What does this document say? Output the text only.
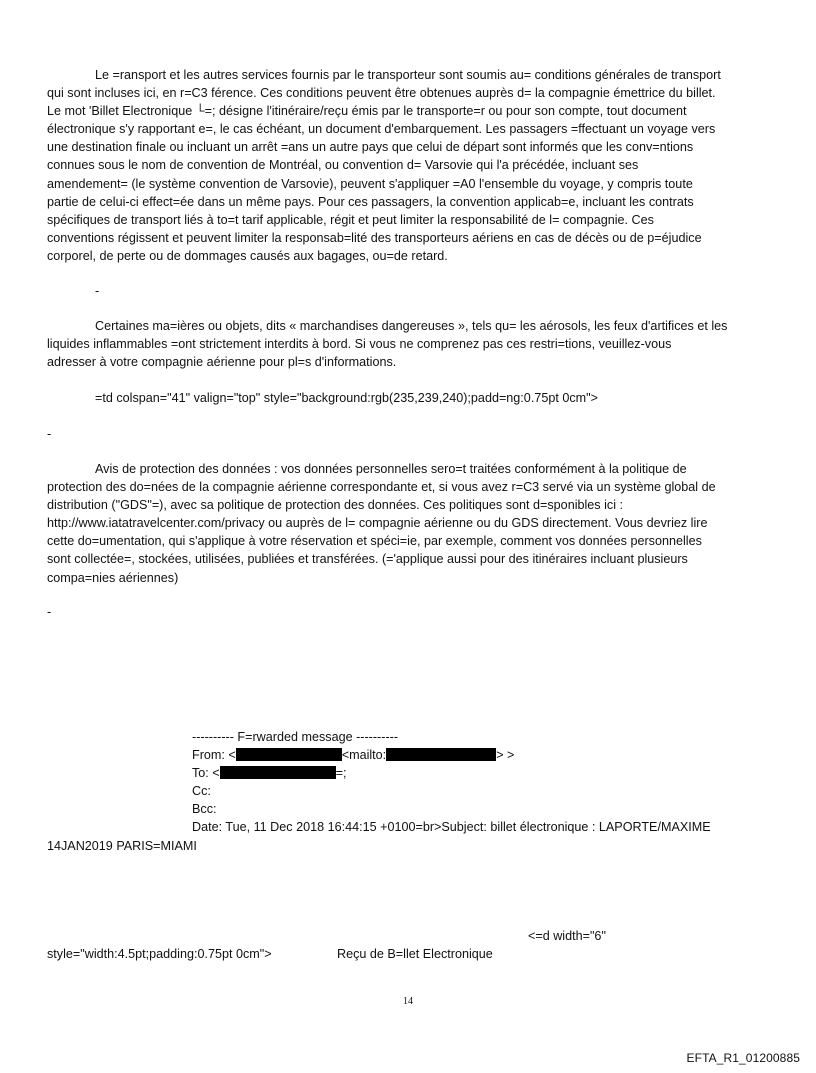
Le =ransport et les autres services fournis par le transporteur sont soumis au= conditions générales de transport
qui sont incluses ici, en r=C3 férence. Ces conditions peuvent être obtenues auprès d= la compagnie émettrice du billet.
Le mot 'Billet Electronique └=; désigne l'itinéraire/reçu émis par le transporte=r ou pour son compte, tout document
électronique s'y rapportant e=, le cas échéant, un document d'embarquement. Les passagers =ffectuant un voyage vers
une destination finale ou incluant un arrêt =ans un autre pays que celui de départ sont informés que les conv=ntions
connues sous le nom de convention de Montréal, ou convention d= Varsovie qui l'a précédée, incluant ses
amendement= (le système convention de Varsovie), peuvent s'appliquer =A0 l'ensemble du voyage, y compris toute
partie de celui-ci effect=ée dans un même pays. Pour ces passagers, la convention applicab=e, incluant les contrats
spécifiques de transport liés à to=t tarif applicable, régit et peut limiter la responsabilité de l= compagnie. Ces
conventions régissent et peuvent limiter la responsab=lité des transporteurs aériens en cas de décès ou de p=éjudice
corporel, de perte ou de dommages causés aux bagages, ou=de retard.
-
Certaines ma=ières ou objets, dits « marchandises dangereuses », tels qu= les aérosols, les feux d'artifices et les
liquides inflammables =ont strictement interdits à bord. Si vous ne comprenez pas ces restri=tions, veuillez-vous
adresser à votre compagnie aérienne pour pl=s d'informations.
=td colspan="41" valign="top" style="background:rgb(235,239,240);padd=ng:0.75pt 0cm">
-
Avis de protection des données : vos données personnelles sero=t traitées conformément à la politique de
protection des do=nées de la compagnie aérienne correspondante et, si vous avez r=C3 servé via un système global de
distribution ("GDS"=), avec sa politique de protection des données. Ces politiques sont d=sponibles ici :
http://www.iatatravelcenter.com/privacy ou auprès de l= compagnie aérienne ou du GDS directement. Vous devriez lire
cette do=umentation, qui s'applique à votre réservation et spéci=ie, par exemple, comment vos données personnelles
sont collectée=, stockées, utilisées, publiées et transférées. (='applique aussi pour des itinéraires incluant plusieurs
compa=nies aériennes)
-
---------- F=rwarded message ----------
From: <	<mailto:	> >
To: <	=;
Cc:
Bcc:
Date: Tue, 11 Dec 2018 16:44:15 +0100=br>Subject: billet électronique : LAPORTE/MAXIME
14JAN2019 PARIS=MIAMI
<=d width="6"
style="width:4.5pt;padding:0.75pt 0cm">	Reçu de B=llet Electronique
14
EFTA_R1_01200885
